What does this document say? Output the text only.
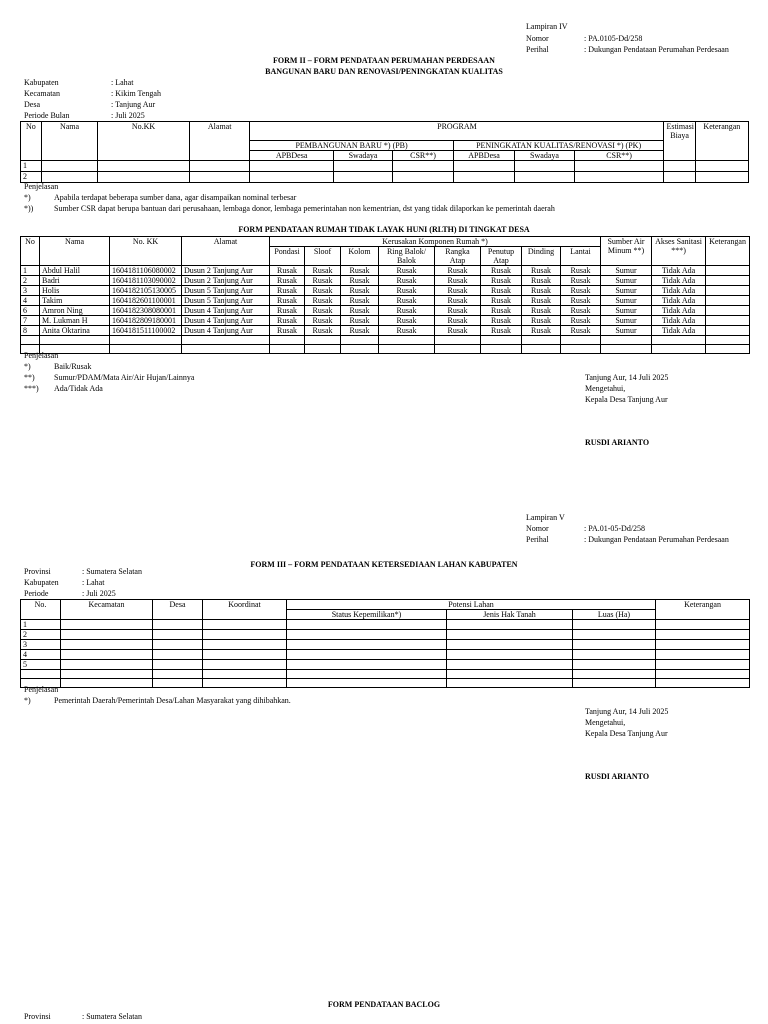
Lampiran IV
Nomor	: PA.0105-Dd/258
Perihal	: Dukungan Pendataan Perumahan Perdesaan
FORM II – FORM PENDATAAN PERUMAHAN PERDESAAN
BANGUNAN BARU DAN RENOVASI/PENINGKATAN KUALITAS
Kabupaten	: Lahat
Kecamatan	: Kikim Tengah
Desa	: Tanjung Aur
Periode Bulan	: Juli 2025
No	Nama	No.KK	Alamat	PROGRAM						Estimasi Biaya	Keterangan
				PEMBANGUNAN BARU *) (PB)			PENINGKATAN KUALITAS/RENOVASI *) (PK)				
				APBDesa	Swadaya	CSR**)	APBDesa	Swadaya	CSR**)		
1											
2											
Penjelasan
*)	Apabila terdapat beberapa sumber dana, agar disampaikan nominal terbesar
*))	Sumber CSR dapat berupa bantuan dari perusahaan, lembaga donor, lembaga pemerintahan non kementrian, dst yang tidak dilaporkan ke pemerintah daerah
FORM PENDATAAN RUMAH TIDAK LAYAK HUNI (RLTH) DI TINGKAT DESA
No	Nama	No. KK	Alamat	Kerusakan Komponen Rumah *)								Sumber Air Minum **)	Akses Sanitasi ***)	Keterangan
				Pondasi	Sloof	Kolom	Ring Balok/ Balok	Rangka Atap	Penutup Atap	Dinding	Lantai			
1	Abdul Halil	1604181106080002	Dusun 2 Tanjung Aur	Rusak	Rusak	Rusak	Rusak	Rusak	Rusak	Rusak	Rusak	Sumur	Tidak Ada	
2	Badri	1604181103090002	Dusun 2 Tanjung Aur	Rusak	Rusak	Rusak	Rusak	Rusak	Rusak	Rusak	Rusak	Sumur	Tidak Ada	
3	Holis	1604182105130005	Dusun 5 Tanjung Aur	Rusak	Rusak	Rusak	Rusak	Rusak	Rusak	Rusak	Rusak	Sumur	Tidak Ada	
4	Takim	1604182601100001	Dusun 5 Tanjung Aur	Rusak	Rusak	Rusak	Rusak	Rusak	Rusak	Rusak	Rusak	Sumur	Tidak Ada	
6	Amron Ning	1604182308080001	Dusun 4 Tanjung Aur	Rusak	Rusak	Rusak	Rusak	Rusak	Rusak	Rusak	Rusak	Sumur	Tidak Ada	
7	M. Lukman H	1604182809180001	Dusun 4 Tanjung Aur	Rusak	Rusak	Rusak	Rusak	Rusak	Rusak	Rusak	Rusak	Sumur	Tidak Ada	
8	Anita Oktarina	1604181511100002	Dusun 4 Tanjung Aur	Rusak	Rusak	Rusak	Rusak	Rusak	Rusak	Rusak	Rusak	Sumur	Tidak Ada	

Penjelasan
*)	Baik/Rusak
**) Sumur/PDAM/Mata Air/Air Hujan/Lainnya
***) Ada/Tidak Ada
Tanjung Aur, 14 Juli 2025
Mengetahui,
Kepala Desa Tanjung Aur
RUSDI ARIANTO
Lampiran V
Nomor	: PA.01-05-Dd/258
Perihal	: Dukungan Pendataan Perumahan Perdesaan
FORM III – FORM PENDATAAN KETERSEDIAAN LAHAN KABUPATEN
Provinsi	: Sumatera Selatan
Kabupaten	: Lahat
Periode	: Juli 2025
No.	Kecamatan	Desa	Koordinat	Potensi Lahan			Keterangan
				Status Kepemilikan*)	Jenis Hak Tanah	Luas (Ha)	
1							
2							
3							
4							
5							

Penjelasan
*)	Pemerintah Daerah/Pemerintah Desa/Lahan Masyarakat yang dihibahkan.
Tanjung Aur, 14 Juli 2025
Mengetahui,
Kepala Desa Tanjung Aur
RUSDI ARIANTO
FORM PENDATAAN BACLOG
Provinsi	: Sumatera Selatan
